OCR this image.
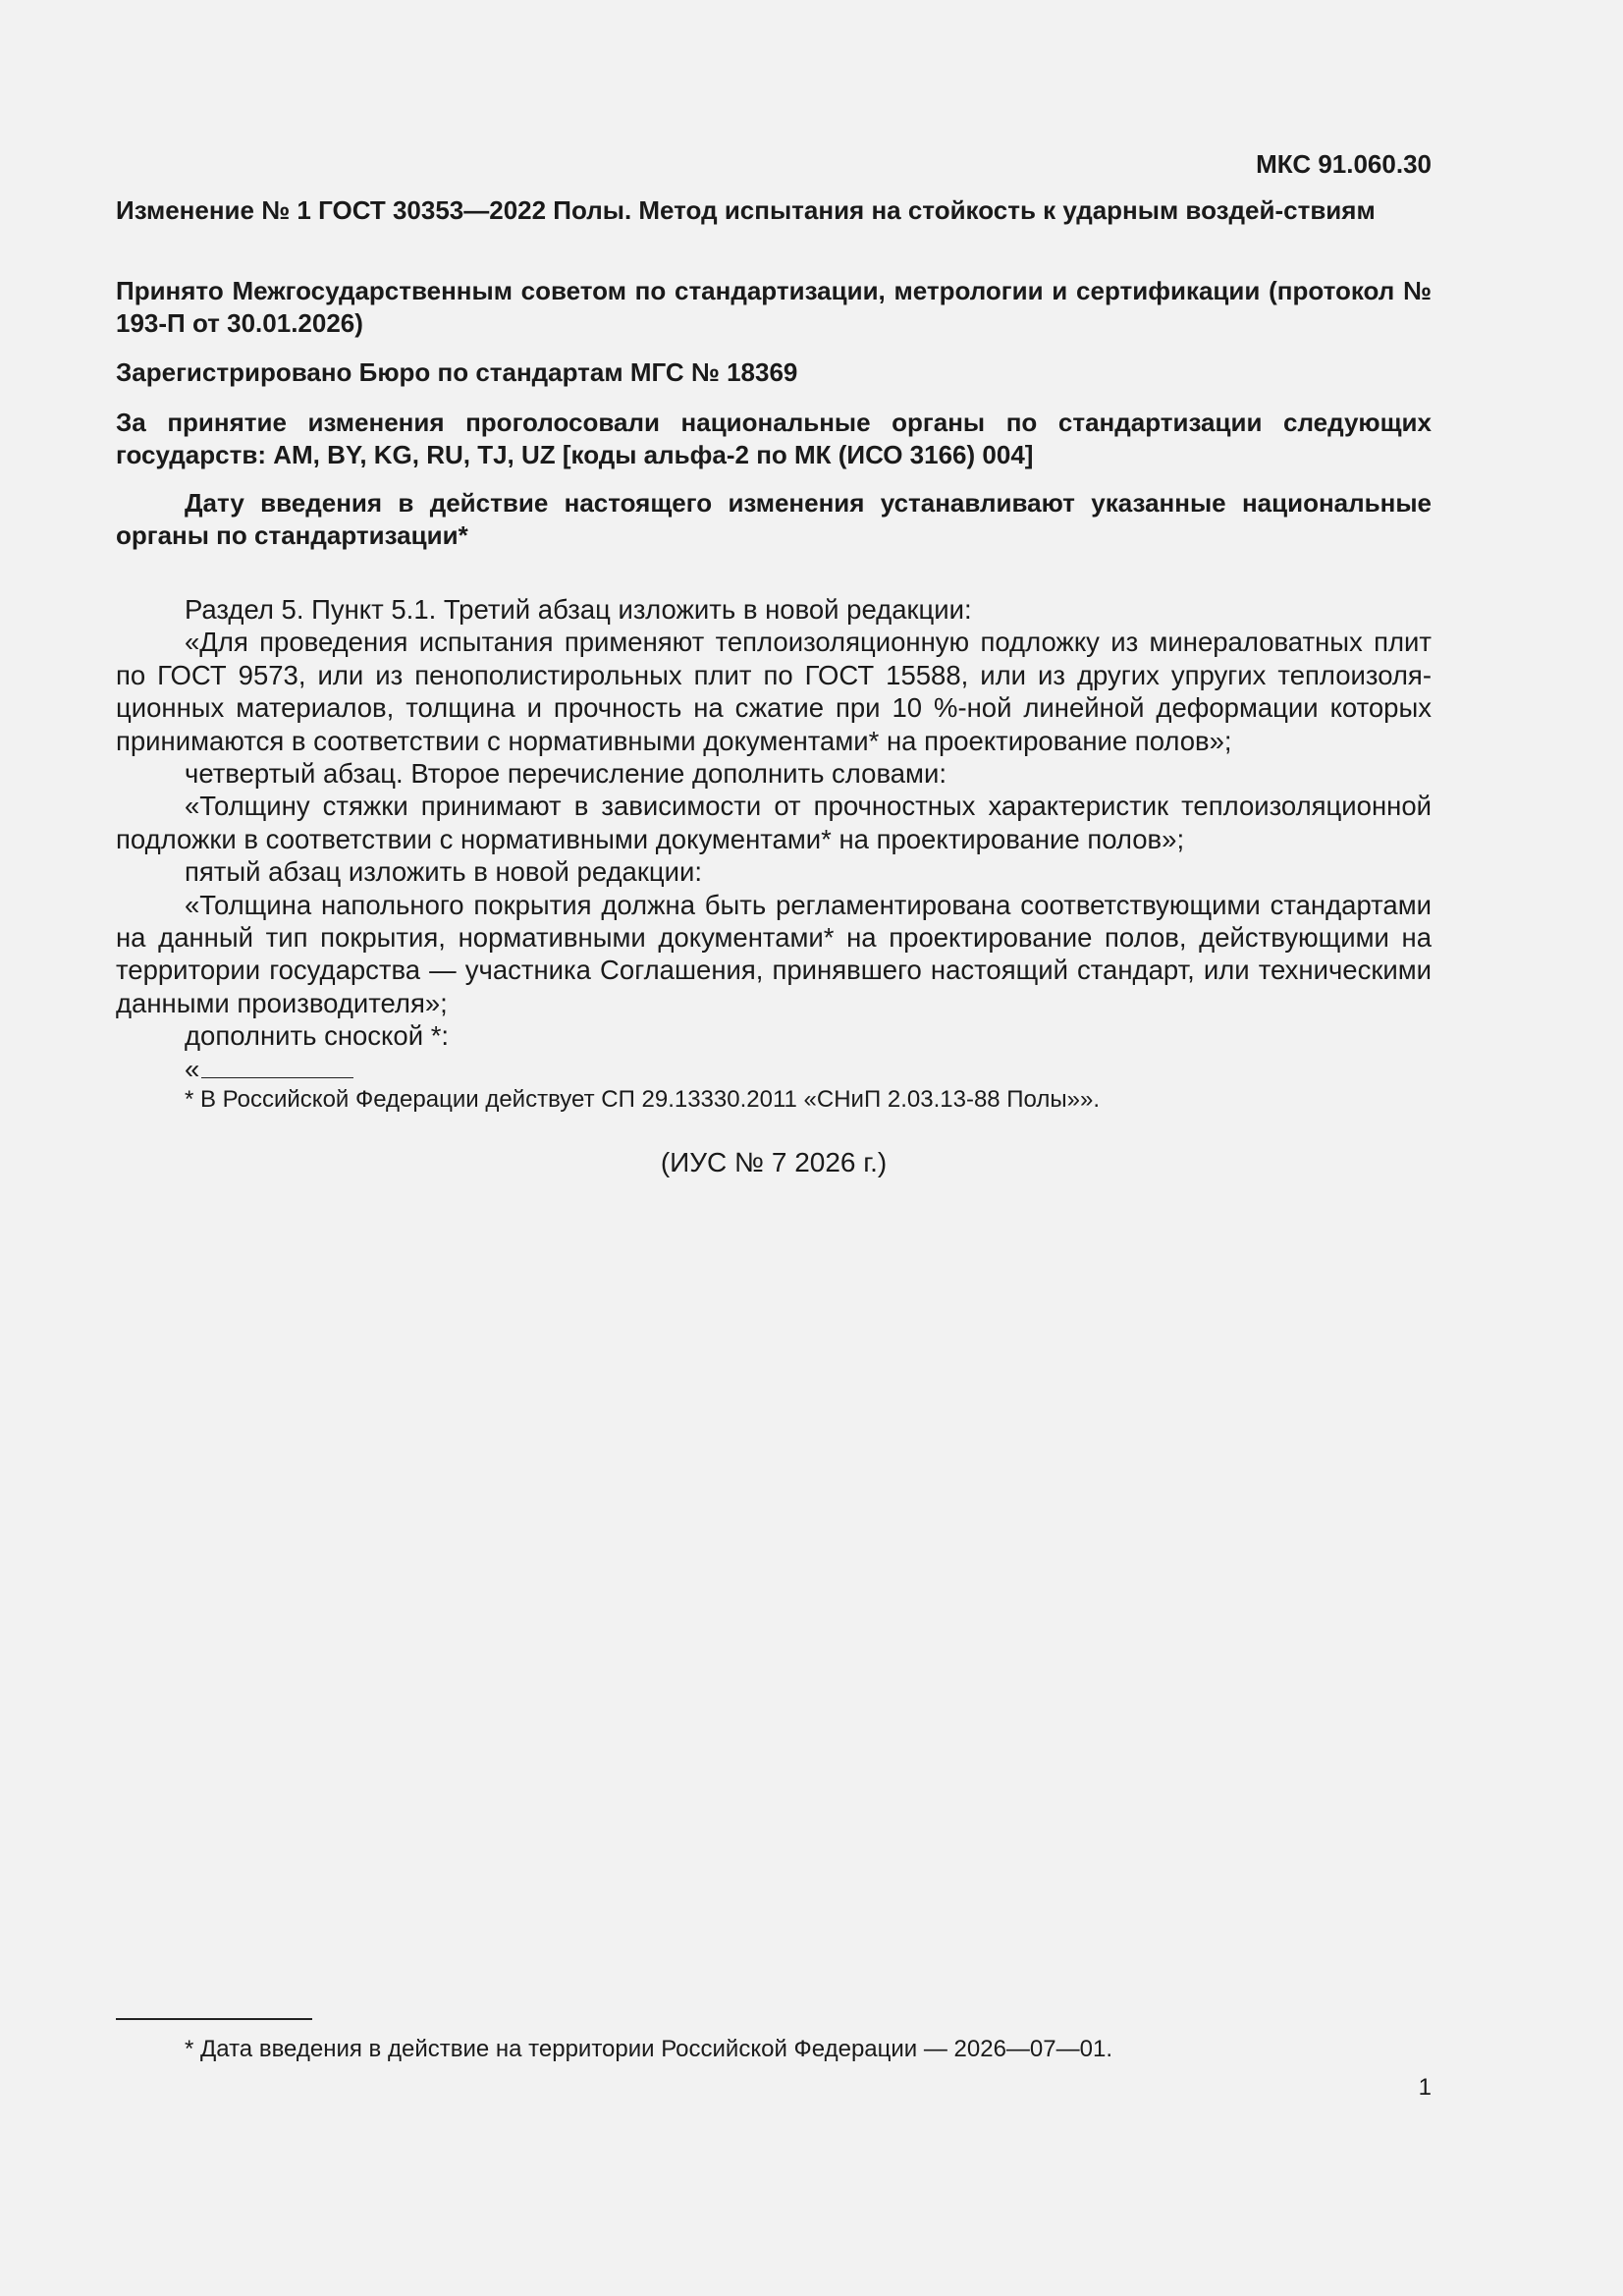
МКС 91.060.30

Изменение № 1 ГОСТ 30353—2022 Полы. Метод испытания на стойкость к ударным воздей-ствиям

Принято Межгосударственным советом по стандартизации, метрологии и сертификации (протокол № 193-П от 30.01.2026)

Зарегистрировано Бюро по стандартам МГС № 18369

За принятие изменения проголосовали национальные органы по стандартизации следующих государств: AM, BY, KG, RU, TJ, UZ [коды альфа-2 по МК (ИСО 3166) 004]

Дату введения в действие настоящего изменения устанавливают указанные национальные органы по стандартизации*

Раздел 5. Пункт 5.1. Третий абзац изложить в новой редакции:

«Для проведения испытания применяют теплоизоляционную подложку из минераловатных плит по ГОСТ 9573, или из пенополистирольных плит по ГОСТ 15588, или из других упругих теплоизоля-ционных материалов, толщина и прочность на сжатие при 10 %-ной линейной деформации которых принимаются в соответствии с нормативными документами* на проектирование полов»;

четвертый абзац. Второе перечисление дополнить словами:

«Толщину стяжки принимают в зависимости от прочностных характеристик теплоизоляционной подложки в соответствии с нормативными документами* на проектирование полов»;

пятый абзац изложить в новой редакции:

«Толщина напольного покрытия должна быть регламентирована соответствующими стандартами на данный тип покрытия, нормативными документами* на проектирование полов, действующими на территории государства — участника Соглашения, принявшего настоящий стандарт, или техническими данными производителя»;

дополнить сноской *:

«

* В Российской Федерации действует СП 29.13330.2011 «СНиП 2.03.13-88 Полы»».

(ИУС № 7 2026 г.)
* Дата введения в действие на территории Российской Федерации — 2026—07—01.
1
